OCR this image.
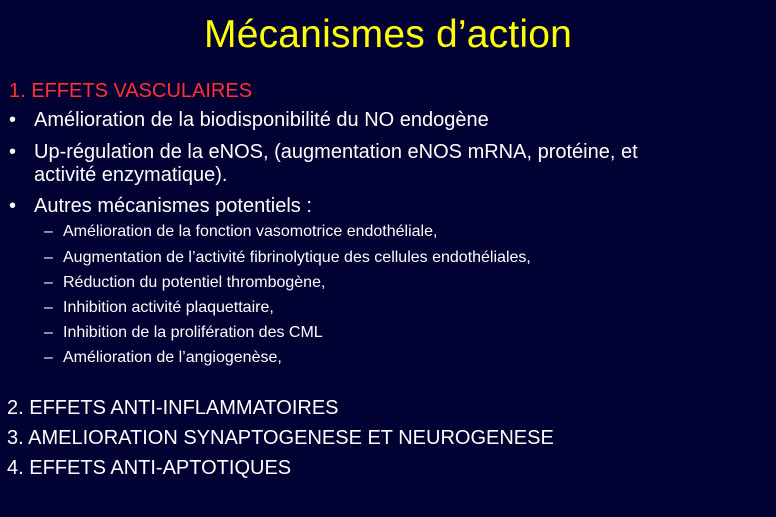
Mécanismes d’action
1. EFFETS VASCULAIRES
• Amélioration de la biodisponibilité du NO endogène
• Up-régulation de la eNOS, (augmentation eNOS mRNA, protéine, et
activité enzymatique).
• Autres mécanismes potentiels :
– Amélioration de la fonction vasomotrice endothéliale,
– Augmentation de l’activité fibrinolytique des cellules endothéliales,
– Réduction du potentiel thrombogène,
– Inhibition activité plaquettaire,
– Inhibition de la prolifération des CML
– Amélioration de l’angiogenèse,
2. EFFETS ANTI-INFLAMMATOIRES
3. AMELIORATION SYNAPTOGENESE ET NEUROGENESE
4. EFFETS ANTI-APTOTIQUES
